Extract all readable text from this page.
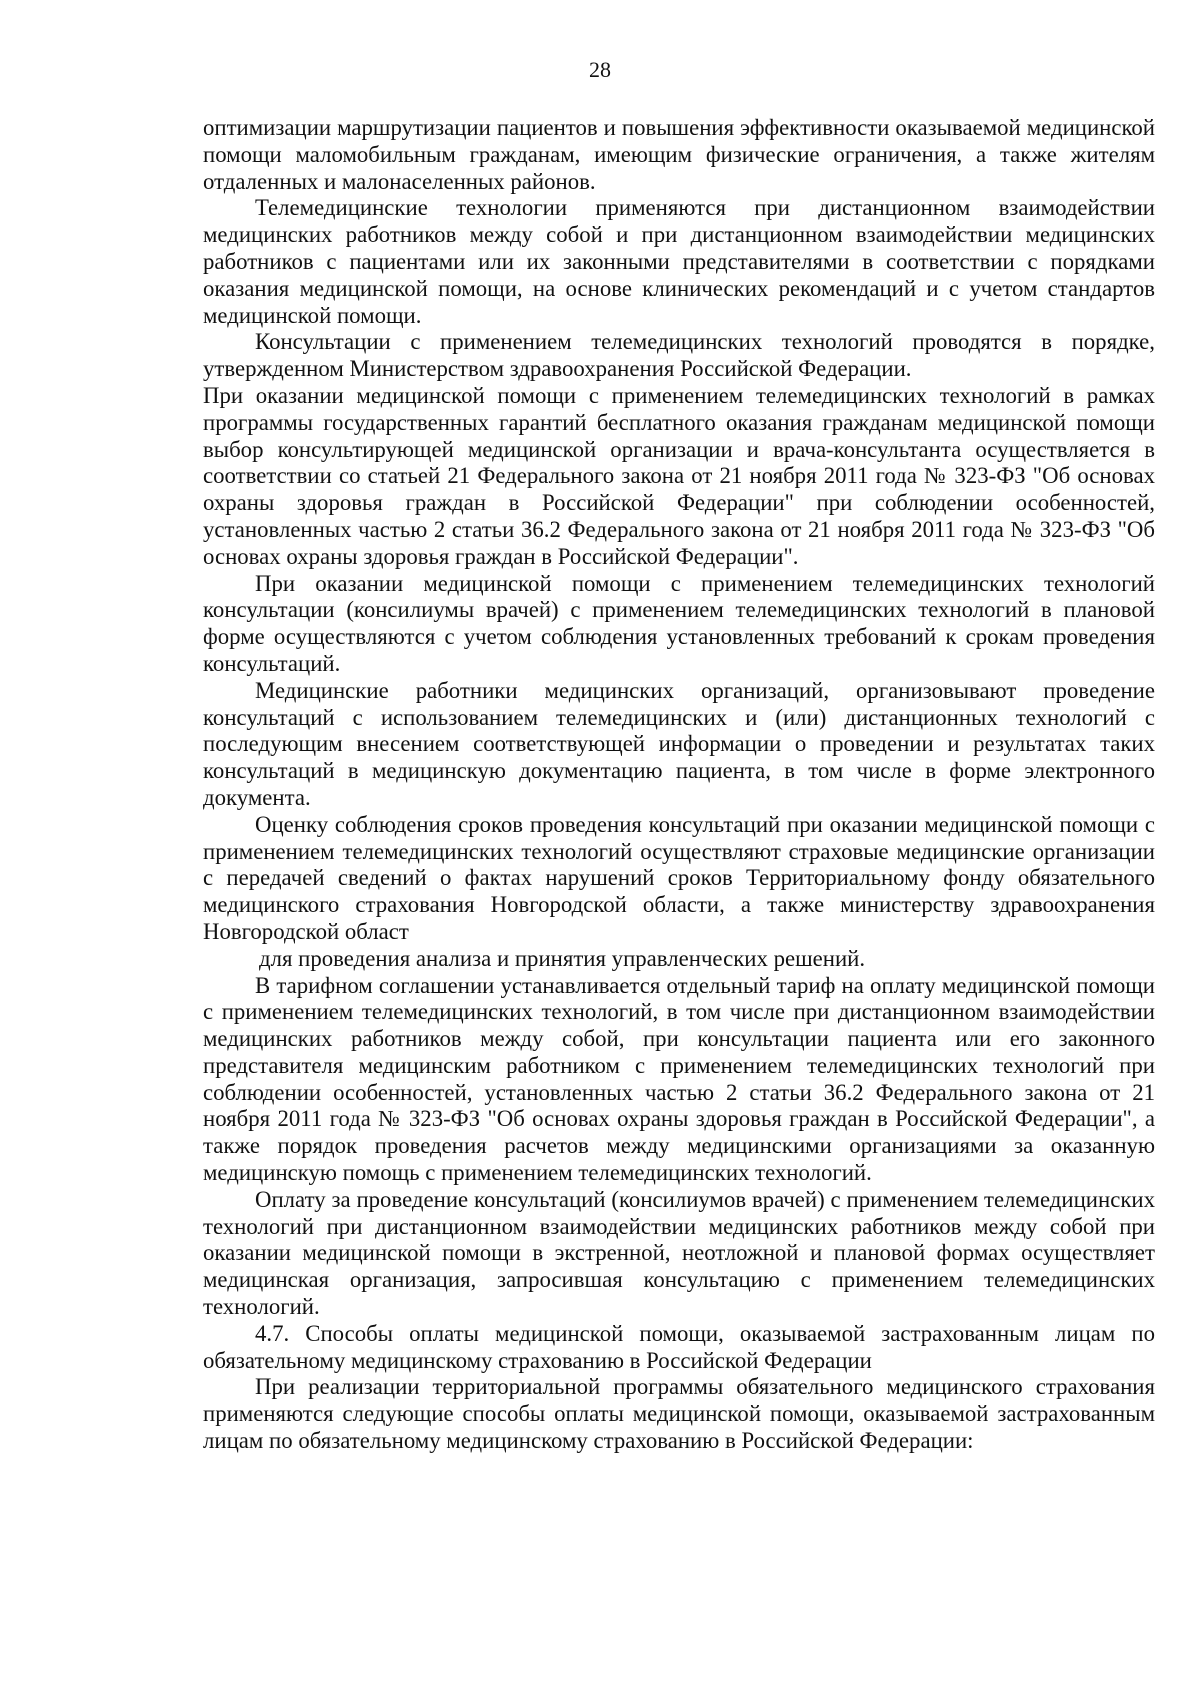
28

оптимизации маршрутизации пациентов и повышения эффективности оказываемой медицинской помощи маломобильным гражданам, имеющим физические ограничения, а также жителям отдаленных и малонаселенных районов.

Телемедицинские технологии применяются при дистанционном взаимодействии медицинских работников между собой и при дистанционном взаимодействии медицинских работников с пациентами или их законными представителями в соответствии с порядками оказания медицинской помощи, на основе клинических рекомендаций и с учетом стандартов медицинской помощи.

Консультации с применением телемедицинских технологий проводятся в порядке, утвержденном Министерством здравоохранения Российской Федерации.

При оказании медицинской помощи с применением телемедицинских технологий в рамках программы государственных гарантий бесплатного оказания гражданам медицинской помощи выбор консультирующей медицинской организации и врача-консультанта осуществляется в соответствии со статьей 21 Федерального закона от 21 ноября 2011 года № 323-ФЗ "Об основах охраны здоровья граждан в Российской Федерации" при соблюдении особенностей, установленных частью 2 статьи 36.2 Федерального закона от 21 ноября 2011 года № 323-ФЗ "Об основах охраны здоровья граждан в Российской Федерации".

При оказании медицинской помощи с применением телемедицинских технологий консультации (консилиумы врачей) с применением телемедицинских технологий в плановой форме осуществляются с учетом соблюдения установленных требований к срокам проведения консультаций.

Медицинские работники медицинских организаций, организовывают проведение консультаций с использованием телемедицинских и (или) дистанционных технологий с последующим внесением соответствующей информации о проведении и результатах таких консультаций в медицинскую документацию пациента, в том числе в форме электронного документа.

Оценку соблюдения сроков проведения консультаций при оказании медицинской помощи с применением телемедицинских технологий осуществляют страховые медицинские организации с передачей сведений о фактах нарушений сроков Территориальному фонду обязательного медицинского страхования Новгородской области, а также министерству здравоохранения Новгородской област

для проведения анализа и принятия управленческих решений.

В тарифном соглашении устанавливается отдельный тариф на оплату медицинской помощи с применением телемедицинских технологий, в том числе при дистанционном взаимодействии медицинских работников между собой, при консультации пациента или его законного представителя медицинским работником с применением телемедицинских технологий при соблюдении особенностей, установленных частью 2 статьи 36.2 Федерального закона от 21 ноября 2011 года № 323-ФЗ "Об основах охраны здоровья граждан в Российской Федерации", а также порядок проведения расчетов между медицинскими организациями за оказанную медицинскую помощь с применением телемедицинских технологий.

Оплату за проведение консультаций (консилиумов врачей) с применением телемедицинских технологий при дистанционном взаимодействии медицинских работников между собой при оказании медицинской помощи в экстренной, неотложной и плановой формах осуществляет медицинская организация, запросившая консультацию с применением телемедицинских технологий.

4.7. Способы оплаты медицинской помощи, оказываемой застрахованным лицам по обязательному медицинскому страхованию в Российской Федерации

При реализации территориальной программы обязательного медицинского страхования применяются следующие способы оплаты медицинской помощи, оказываемой застрахованным лицам по обязательному медицинскому страхованию в Российской Федерации:
